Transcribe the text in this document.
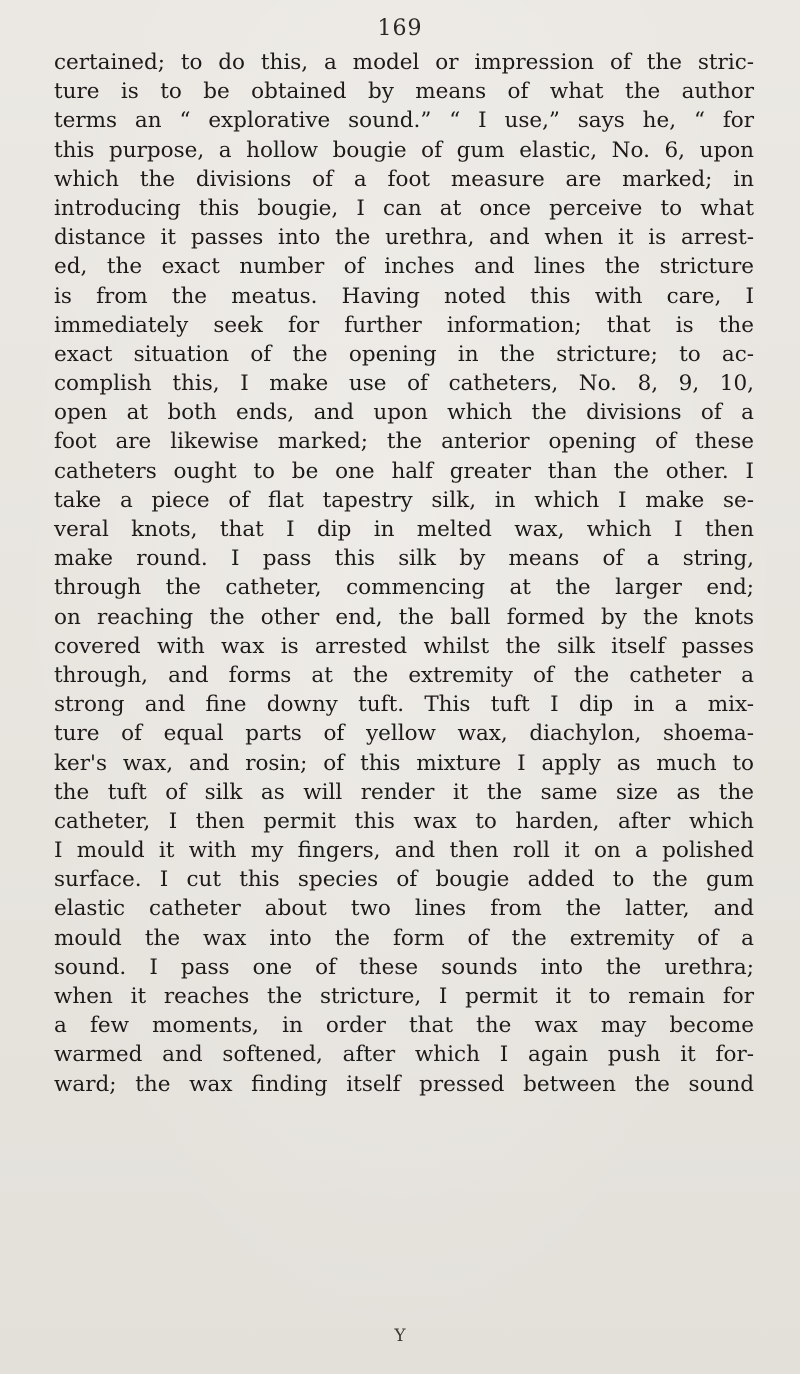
169
certained; to do this, a model or impression of the stric-
ture is to be obtained by means of what the author
terms an “ explorative sound.” “ I use,” says he, “ for
this purpose, a hollow bougie of gum elastic, No. 6, upon
which the divisions of a foot measure are marked; in
introducing this bougie, I can at once perceive to what
distance it passes into the urethra, and when it is arrest-
ed, the exact number of inches and lines the stricture
is from the meatus. Having noted this with care, I
immediately seek for further information; that is the
exact situation of the opening in the stricture; to ac-
complish this, I make use of catheters, No. 8, 9, 10,
open at both ends, and upon which the divisions of a
foot are likewise marked; the anterior opening of these
catheters ought to be one half greater than the other. I
take a piece of flat tapestry silk, in which I make se-
veral knots, that I dip in melted wax, which I then
make round. I pass this silk by means of a string,
through the catheter, commencing at the larger end;
on reaching the other end, the ball formed by the knots
covered with wax is arrested whilst the silk itself passes
through, and forms at the extremity of the catheter a
strong and fine downy tuft. This tuft I dip in a mix-
ture of equal parts of yellow wax, diachylon, shoema-
ker's wax, and rosin; of this mixture I apply as much to
the tuft of silk as will render it the same size as the
catheter, I then permit this wax to harden, after which
I mould it with my fingers, and then roll it on a polished
surface. I cut this species of bougie added to the gum
elastic catheter about two lines from the latter, and
mould the wax into the form of the extremity of a
sound. I pass one of these sounds into the urethra;
when it reaches the stricture, I permit it to remain for
a few moments, in order that the wax may become
warmed and softened, after which I again push it for-
ward; the wax finding itself pressed between the sound
Y
